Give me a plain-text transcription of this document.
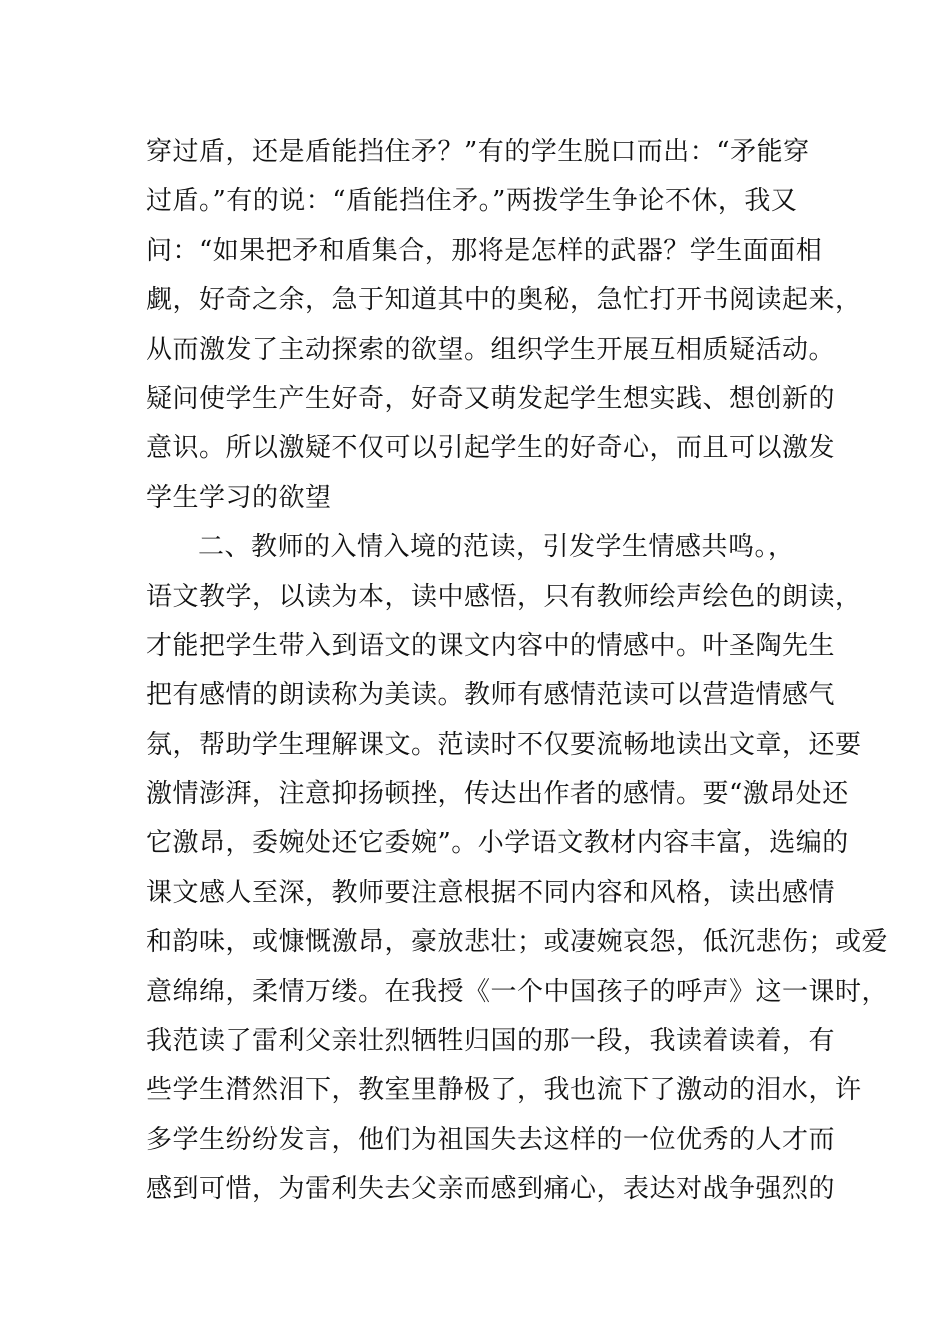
穿过盾，还是盾能挡住矛？”有的学生脱口而出：“矛能穿
过盾。”有的说：“盾能挡住矛。”两拨学生争论不休，我又
问：“如果把矛和盾集合，那将是怎样的武器？学生面面相
觑，好奇之余，急于知道其中的奥秘，急忙打开书阅读起来，
从而激发了主动探索的欲望。组织学生开展互相质疑活动。
疑问使学生产生好奇，好奇又萌发起学生想实践、想创新的
意识。所以激疑不仅可以引起学生的好奇心，而且可以激发
学生学习的欲望
二、教师的入情入境的范读，引发学生情感共鸣。，
语文教学，以读为本，读中感悟，只有教师绘声绘色的朗读，
才能把学生带入到语文的课文内容中的情感中。叶圣陶先生
把有感情的朗读称为美读。教师有感情范读可以营造情感气
氛，帮助学生理解课文。范读时不仅要流畅地读出文章，还要
激情澎湃，注意抑扬顿挫，传达出作者的感情。要“激昂处还
它激昂，委婉处还它委婉”。小学语文教材内容丰富，选编的
课文感人至深，教师要注意根据不同内容和风格，读出感情
和韵味，或慷慨激昂，豪放悲壮；或凄婉哀怨，低沉悲伤；或爱
意绵绵，柔情万缕。在我授《一个中国孩子的呼声》这一课时，
我范读了雷利父亲壮烈牺牲归国的那一段，我读着读着，有
些学生潸然泪下，教室里静极了，我也流下了激动的泪水，许
多学生纷纷发言，他们为祖国失去这样的一位优秀的人才而
感到可惜，为雷利失去父亲而感到痛心，表达对战争强烈的
